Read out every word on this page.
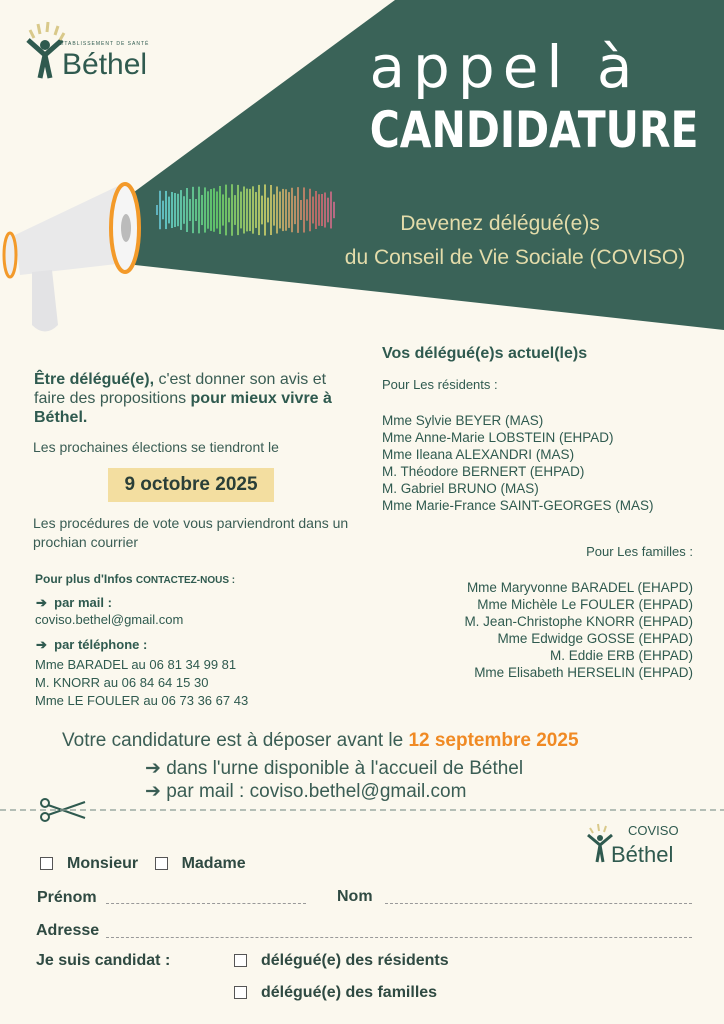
ÉTABLISSEMENT DE SANTÉ
Béthel	appel à
CANDIDATURE
Devenez délégué(e)s
du Conseil de Vie Sociale (COVISO)
Être délégué(e), c'est donner son avis et faire des propositions pour mieux vivre à Béthel.
Les prochaines élections se tiendront le
9 octobre 2025
Les procédures de vote vous parviendront dans un prochian courrier
Pour plus d'Infos CONTACTEZ-NOUS :
➔  par mail :
coviso.bethel@gmail.com
➔  par téléphone :
Mme BARADEL au 06 81 34 99 81
M. KNORR au 06 84 64 15 30
Mme LE FOULER au 06 73 36 67 43
Vos délégué(e)s actuel(le)s
Pour Les résidents :
Mme Sylvie BEYER (MAS)
Mme Anne-Marie LOBSTEIN (EHPAD)
Mme Ileana ALEXANDRI (MAS)
M. Théodore BERNERT (EHPAD)
M. Gabriel BRUNO (MAS)
Mme Marie-France SAINT-GEORGES (MAS)
Pour Les familles :
Mme Maryvonne BARADEL (EHAPD)
Mme Michèle Le FOULER (EHPAD)
M. Jean-Christophe KNORR (EHPAD)
Mme Edwidge GOSSE (EHPAD)
M. Eddie ERB (EHPAD)
Mme Elisabeth HERSELIN (EHPAD)
Votre candidature est à déposer avant le 12 septembre 2025
➔ dans l'urne disponible à l'accueil de Béthel
➔ par mail : coviso.bethel@gmail.com
COVISO
Béthel
Monsieur	Madame
Prénom	Nom
Adresse
Je suis candidat :	délégué(e) des résidents
délégué(e) des familles
